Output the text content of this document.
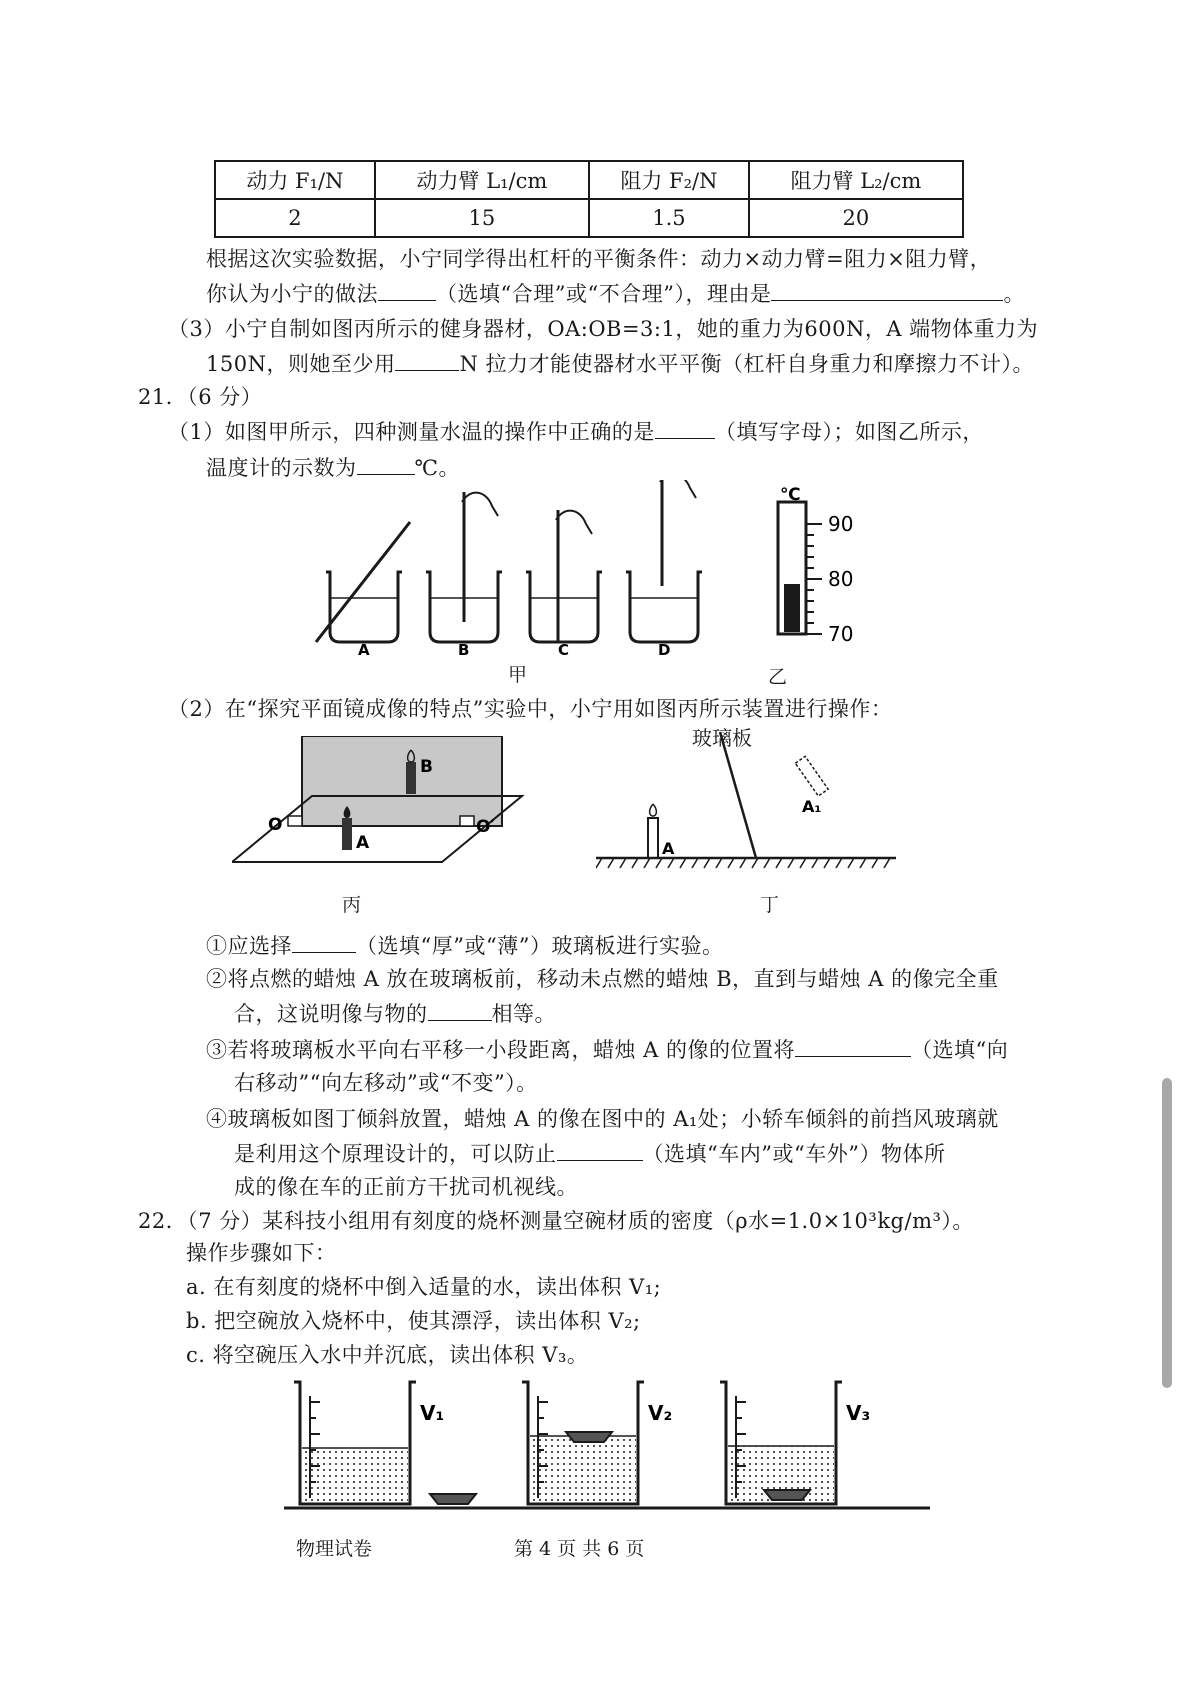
动力 F₁/N	动力臂 L₁/cm	阻力 F₂/N	阻力臂 L₂/cm
2	15	1.5	20
根据这次实验数据，小宁同学得出杠杆的平衡条件：动力×动力臂=阻力×阻力臂，
你认为小宁的做法	（选填“合理”或“不合理”），理由是	。
（3）小宁自制如图丙所示的健身器材，OA:OB=3:1，她的重力为600N，A 端物体重力为
150N，则她至少用	N 拉力才能使器材水平平衡（杠杆自身重力和摩擦力不计）。
21．（6 分）
（1）如图甲所示，四种测量水温的操作中正确的是	（填写字母）；如图乙所示，
温度计的示数为	℃。
A	B	C	D
甲
℃
90
80
70
乙
（2）在“探究平面镜成像的特点”实验中，小宁用如图丙所示装置进行操作：
B
A
O	O′
丙
A
A₁
玻璃板
丁
①应选择	（选填“厚”或“薄”）玻璃板进行实验。
②将点燃的蜡烛 A 放在玻璃板前，移动未点燃的蜡烛 B，直到与蜡烛 A 的像完全重
合，这说明像与物的	相等。
③若将玻璃板水平向右平移一小段距离，蜡烛 A 的像的位置将	（选填“向
右移动”“向左移动”或“不变”）。
④玻璃板如图丁倾斜放置，蜡烛 A 的像在图中的 A₁处；小轿车倾斜的前挡风玻璃就
是利用这个原理设计的，可以防止	（选填“车内”或“车外”）物体所
成的像在车的正前方干扰司机视线。
22．（7 分）某科技小组用有刻度的烧杯测量空碗材质的密度（ρ水=1.0×10³kg/m³）。
操作步骤如下：
a. 在有刻度的烧杯中倒入适量的水，读出体积 V₁;
b. 把空碗放入烧杯中，使其漂浮，读出体积 V₂;
c. 将空碗压入水中并沉底，读出体积 V₃。
V₁	V₂	V₃
物理试卷	第 4 页 共 6 页
